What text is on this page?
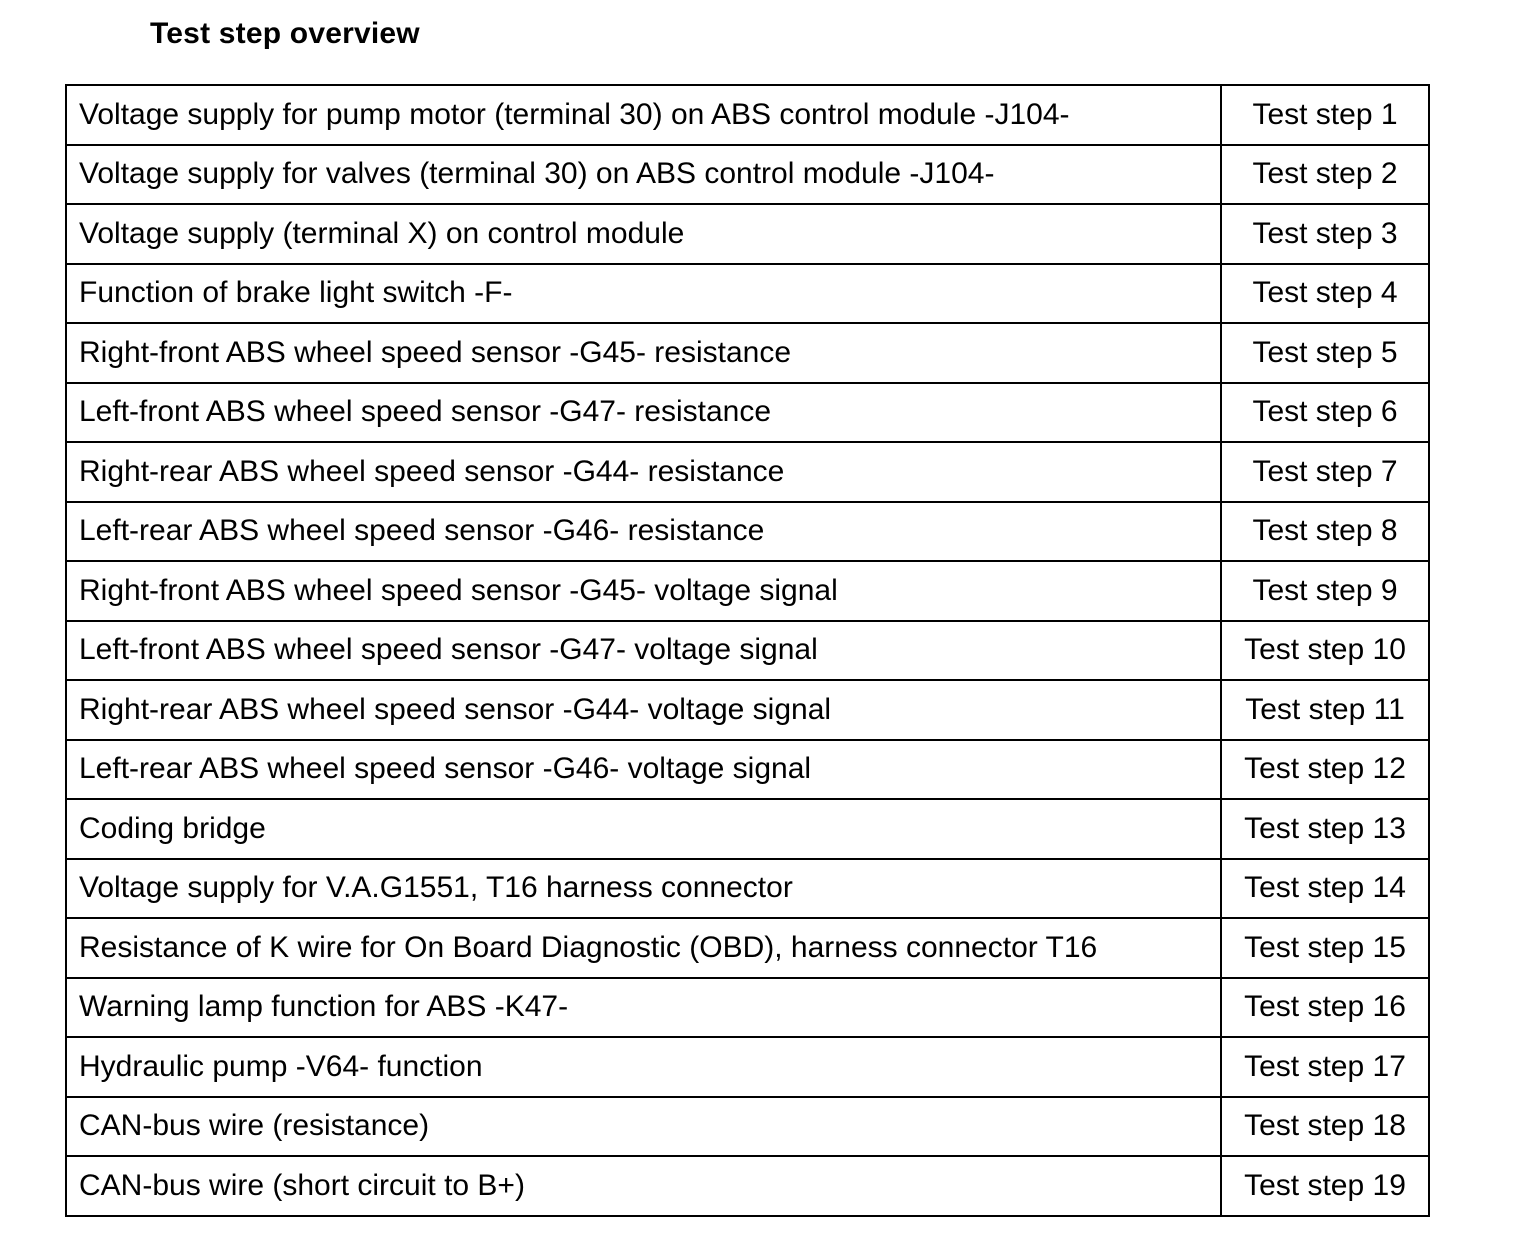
Test step overview
Voltage supply for pump motor (terminal 30) on ABS control module -J104-	Test step 1
Voltage supply for valves (terminal 30) on ABS control module -J104-	Test step 2
Voltage supply (terminal X) on control module	Test step 3
Function of brake light switch -F-	Test step 4
Right-front ABS wheel speed sensor -G45- resistance	Test step 5
Left-front ABS wheel speed sensor -G47- resistance	Test step 6
Right-rear ABS wheel speed sensor -G44- resistance	Test step 7
Left-rear ABS wheel speed sensor -G46- resistance	Test step 8
Right-front ABS wheel speed sensor -G45- voltage signal	Test step 9
Left-front ABS wheel speed sensor -G47- voltage signal	Test step 10
Right-rear ABS wheel speed sensor -G44- voltage signal	Test step 11
Left-rear ABS wheel speed sensor -G46- voltage signal	Test step 12
Coding bridge	Test step 13
Voltage supply for V.A.G1551, T16 harness connector	Test step 14
Resistance of K wire for On Board Diagnostic (OBD), harness connector T16	Test step 15
Warning lamp function for ABS -K47-	Test step 16
Hydraulic pump -V64- function	Test step 17
CAN-bus wire (resistance)	Test step 18
CAN-bus wire (short circuit to B+)	Test step 19
